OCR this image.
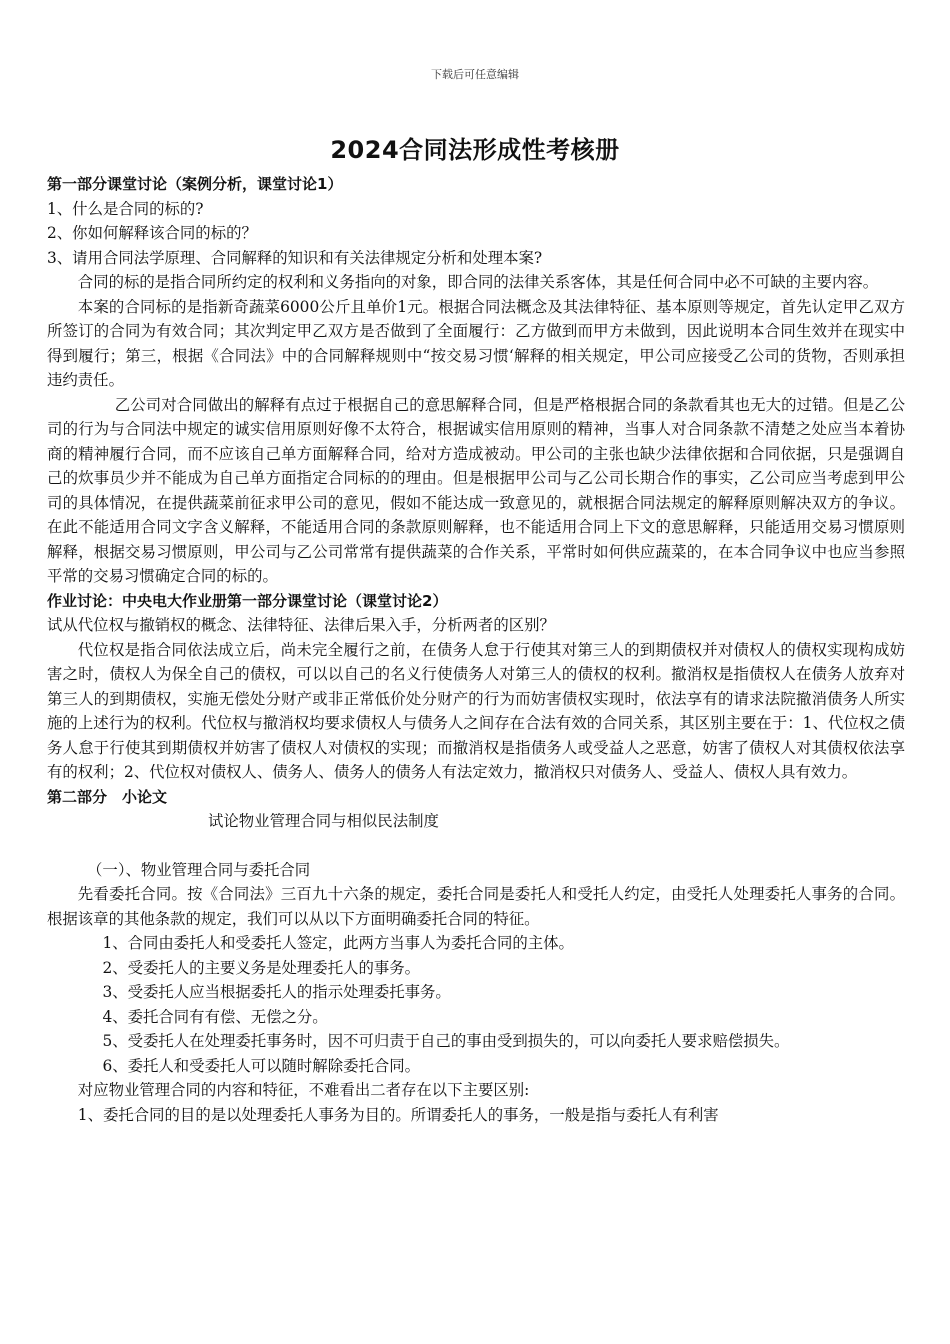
下载后可任意编辑
2024合同法形成性考核册

第一部分课堂讨论（案例分析，课堂讨论1）

1、什么是合同的标的?

2、你如何解释该合同的标的？

3、请用合同法学原理、合同解释的知识和有关法律规定分析和处理本案?

合同的标的是指合同所约定的权利和义务指向的对象，即合同的法律关系客体，其是任何合同中必不可缺的主要内容。

本案的合同标的是指新奇蔬菜6000公斤且单价1元。根据合同法概念及其法律特征、基本原则等规定，首先认定甲乙双方所签订的合同为有效合同；其次判定甲乙双方是否做到了全面履行：乙方做到而甲方未做到，因此说明本合同生效并在现实中得到履行；第三，根据《合同法》中的合同解释规则中“按交易习惯‘解释的相关规定，甲公司应接受乙公司的货物，否则承担违约责任。

乙公司对合同做出的解释有点过于根据自己的意思解释合同，但是严格根据合同的条款看其也无大的过错。但是乙公司的行为与合同法中规定的诚实信用原则好像不太符合，根据诚实信用原则的精神，当事人对合同条款不清楚之处应当本着协商的精神履行合同，而不应该自己单方面解释合同，给对方造成被动。甲公司的主张也缺少法律依据和合同依据，只是强调自己的炊事员少并不能成为自己单方面指定合同标的的理由。但是根据甲公司与乙公司长期合作的事实，乙公司应当考虑到甲公司的具体情况，在提供蔬菜前征求甲公司的意见，假如不能达成一致意见的，就根据合同法规定的解释原则解决双方的争议。在此不能适用合同文字含义解释，不能适用合同的条款原则解释，也不能适用合同上下文的意思解释，只能适用交易习惯原则解释，根据交易习惯原则，甲公司与乙公司常常有提供蔬菜的合作关系，平常时如何供应蔬菜的，在本合同争议中也应当参照平常的交易习惯确定合同的标的。

作业讨论：中央电大作业册第一部分课堂讨论（课堂讨论2）

试从代位权与撤销权的概念、法律特征、法律后果入手，分析两者的区别？

代位权是指合同依法成立后，尚未完全履行之前，在债务人怠于行使其对第三人的到期债权并对债权人的债权实现构成妨害之时，债权人为保全自己的债权，可以以自己的名义行使债务人对第三人的债权的权利。撤消权是指债权人在债务人放弃对第三人的到期债权，实施无偿处分财产或非正常低价处分财产的行为而妨害债权实现时，依法享有的请求法院撤消债务人所实施的上述行为的权利。代位权与撤消权均要求债权人与债务人之间存在合法有效的合同关系，其区别主要在于：1、代位权之债务人怠于行使其到期债权并妨害了债权人对债权的实现；而撤消权是指债务人或受益人之恶意，妨害了债权人对其债权依法享有的权利；2、代位权对债权人、债务人、债务人的债务人有法定效力，撤消权只对债务人、受益人、债权人具有效力。

第二部分　小论文

试论物业管理合同与相似民法制度

（一）、物业管理合同与委托合同

先看委托合同。按《合同法》三百九十六条的规定，委托合同是委托人和受托人约定，由受托人处理委托人事务的合同。根据该章的其他条款的规定，我们可以从以下方面明确委托合同的特征。

1、合同由委托人和受委托人签定，此两方当事人为委托合同的主体。

2、受委托人的主要义务是处理委托人的事务。

3、受委托人应当根据委托人的指示处理委托事务。

4、委托合同有有偿、无偿之分。

5、受委托人在处理委托事务时，因不可归责于自己的事由受到损失的，可以向委托人要求赔偿损失。

6、委托人和受委托人可以随时解除委托合同。

对应物业管理合同的内容和特征，不难看出二者存在以下主要区别:

1、委托合同的目的是以处理委托人事务为目的。所谓委托人的事务，一般是指与委托人有利害
